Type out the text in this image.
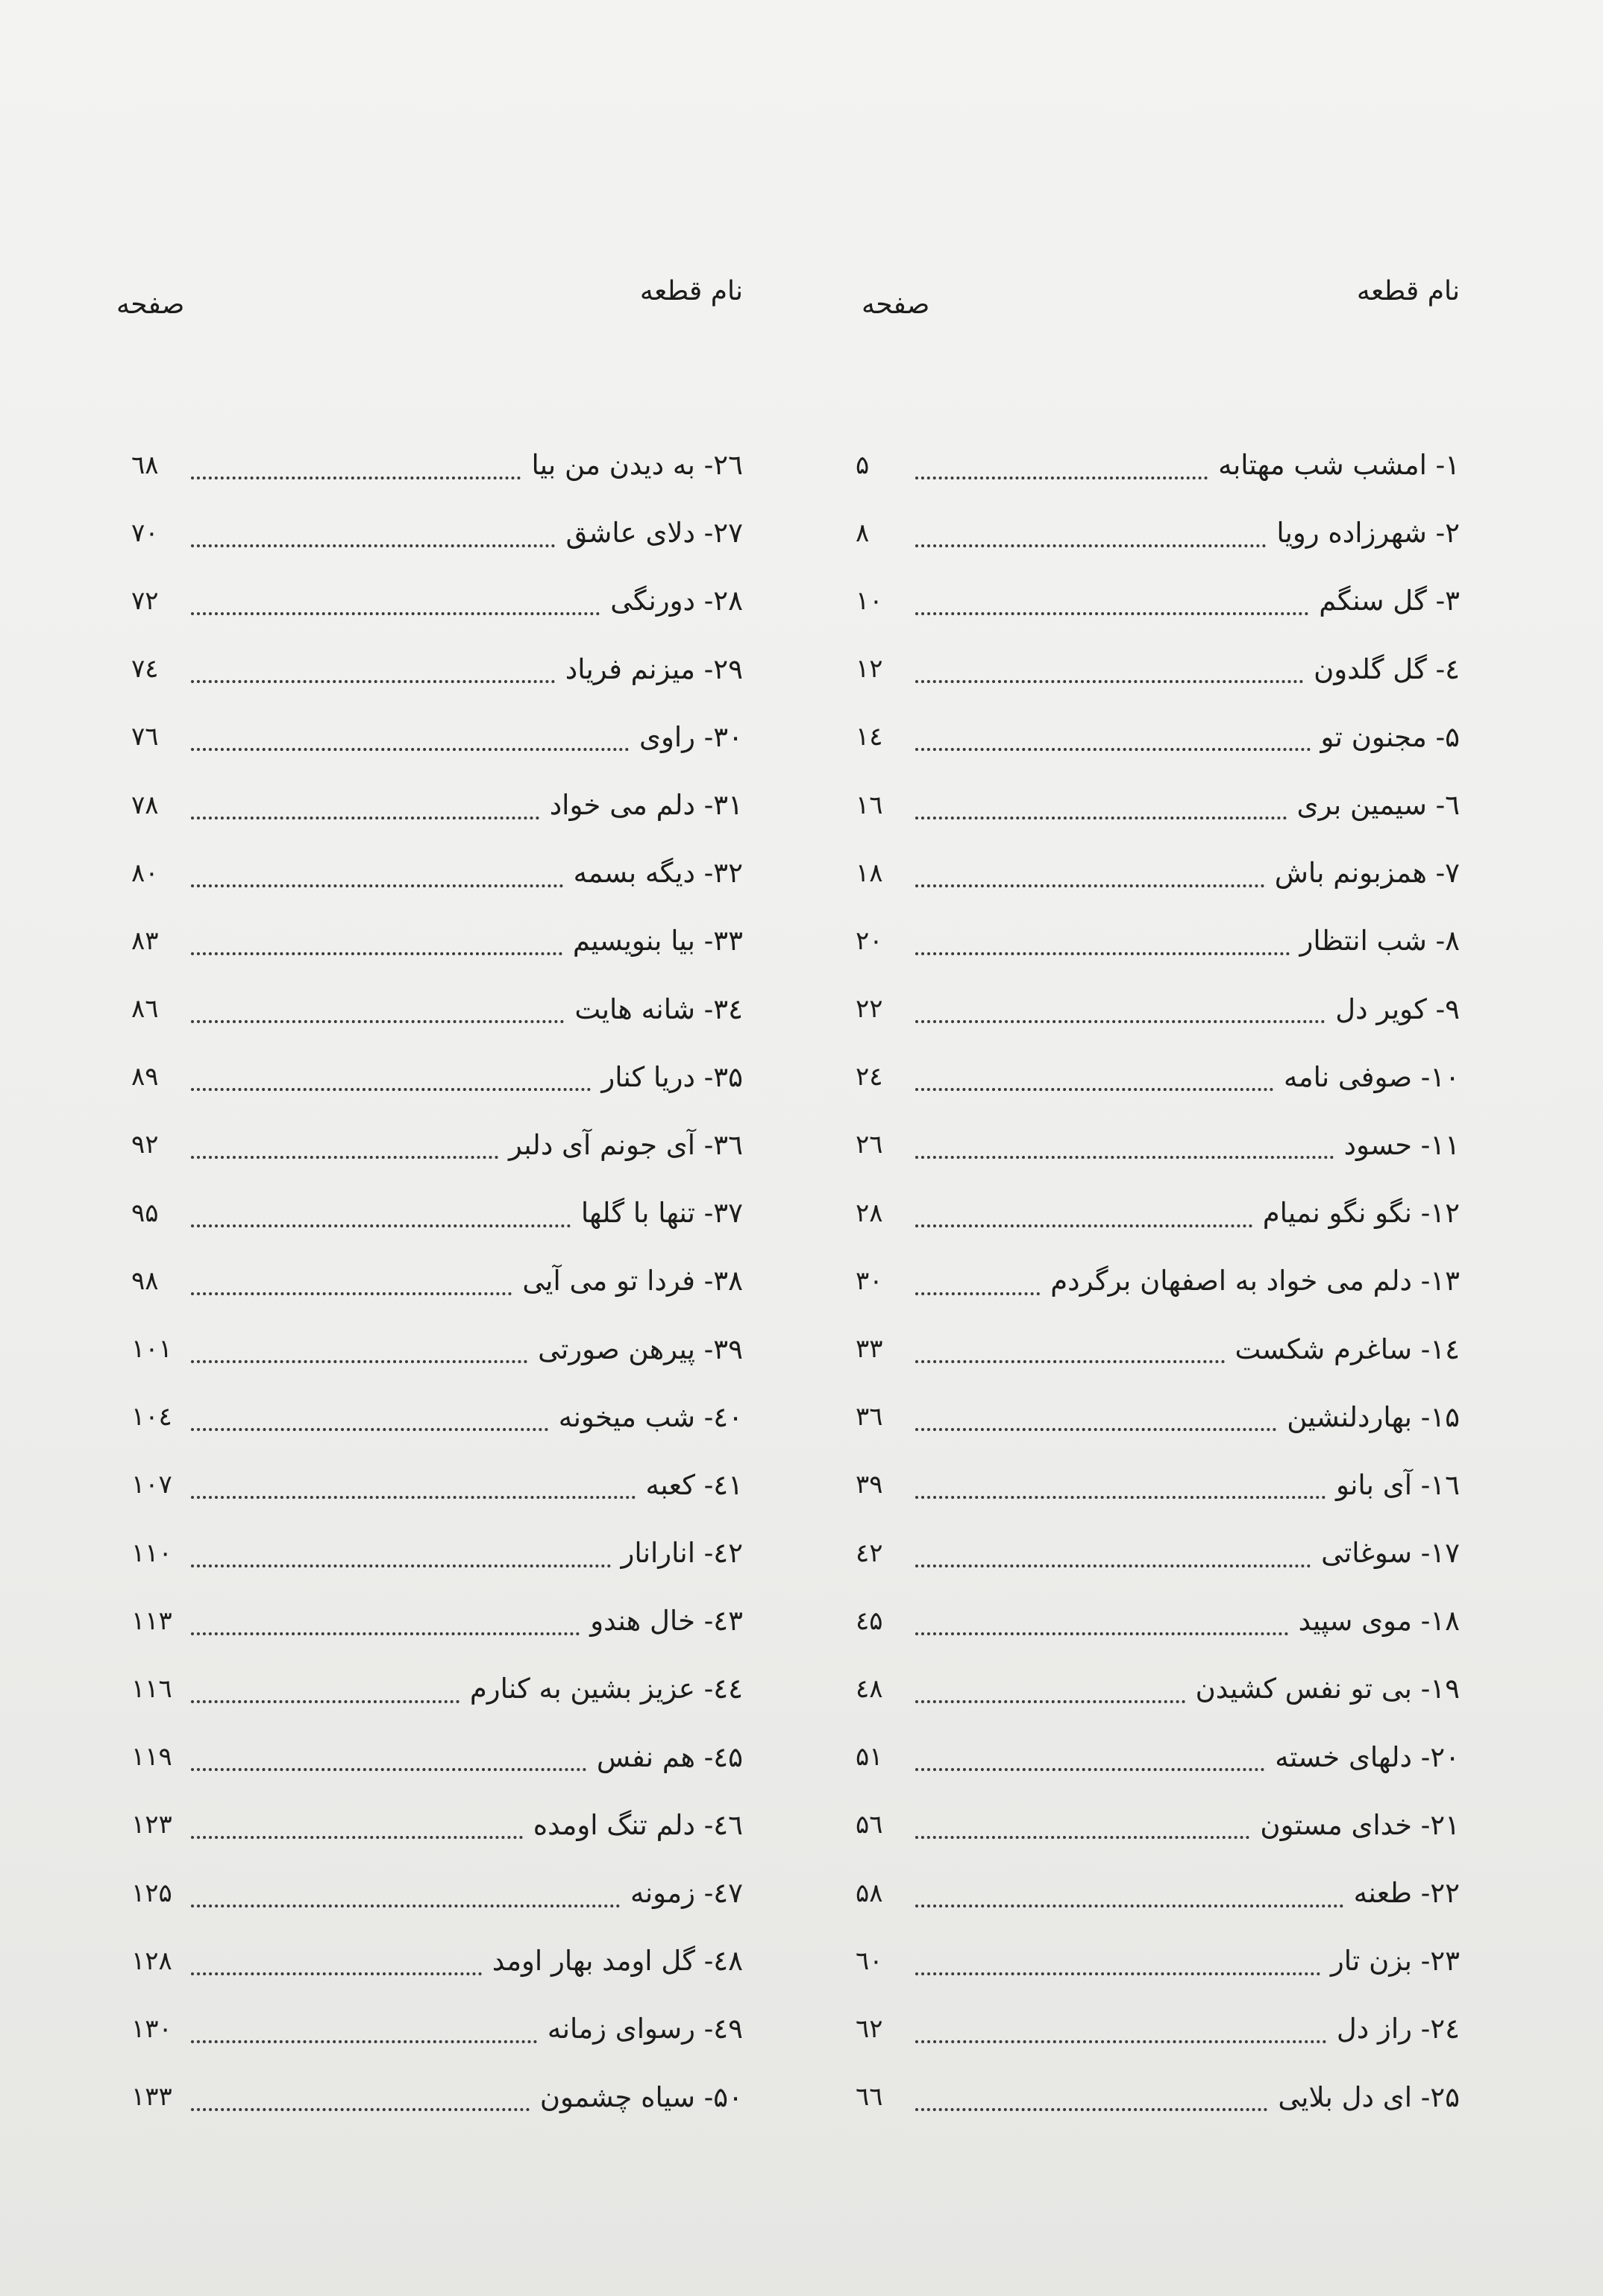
نام قطعه
صفحه
۱- امشب شب مهتابه
۵
۲- شهرزاده رویا
۸
۳- گل سنگم
۱۰
٤- گل گلدون
۱۲
۵- مجنون تو
۱٤
٦- سیمین بری
۱٦
۷- همزبونم باش
۱۸
۸- شب انتظار
۲۰
۹- کویر دل
۲۲
۱۰- صوفی نامه
۲٤
۱۱- حسود
۲٦
۱۲- نگو نگو نمیام
۲۸
۱۳- دلم می خواد به اصفهان برگردم
۳۰
۱٤- ساغرم شکست
۳۳
۱۵- بهاردلنشین
۳٦
۱٦- آی بانو
۳۹
۱۷- سوغاتی
٤۲
۱۸- موی سپید
٤۵
۱۹- بی تو نفس کشیدن
٤۸
۲۰- دلهای خسته
۵۱
۲۱- خدای مستون
۵٦
۲۲- طعنه
۵۸
۲۳- بزن تار
٦۰
۲٤- راز دل
٦۲
۲۵- ای دل بلایی
٦٦
نام قطعه
صفحه
۲٦- به دیدن من بیا
٦۸
۲۷- دلای عاشق
۷۰
۲۸- دورنگی
۷۲
۲۹- میزنم فریاد
۷٤
۳۰- راوی
۷٦
۳۱- دلم می خواد
۷۸
۳۲- دیگه بسمه
۸۰
۳۳- بیا بنویسیم
۸۳
۳٤- شانه هایت
۸٦
۳۵- دریا کنار
۸۹
۳٦- آی جونم آی دلبر
۹۲
۳۷- تنها با گلها
۹۵
۳۸- فردا تو می آیی
۹۸
۳۹- پیرهن صورتی
۱۰۱
٤۰- شب میخونه
۱۰٤
٤۱- کعبه
۱۰۷
٤۲- انارانار
۱۱۰
٤۳- خال هندو
۱۱۳
٤٤- عزیز بشین به کنارم
۱۱٦
٤۵- هم نفس
۱۱۹
٤٦- دلم تنگ اومده
۱۲۳
٤۷- زمونه
۱۲۵
٤۸- گل اومد بهار اومد
۱۲۸
٤۹- رسوای زمانه
۱۳۰
۵۰- سیاه چشمون
۱۳۳
